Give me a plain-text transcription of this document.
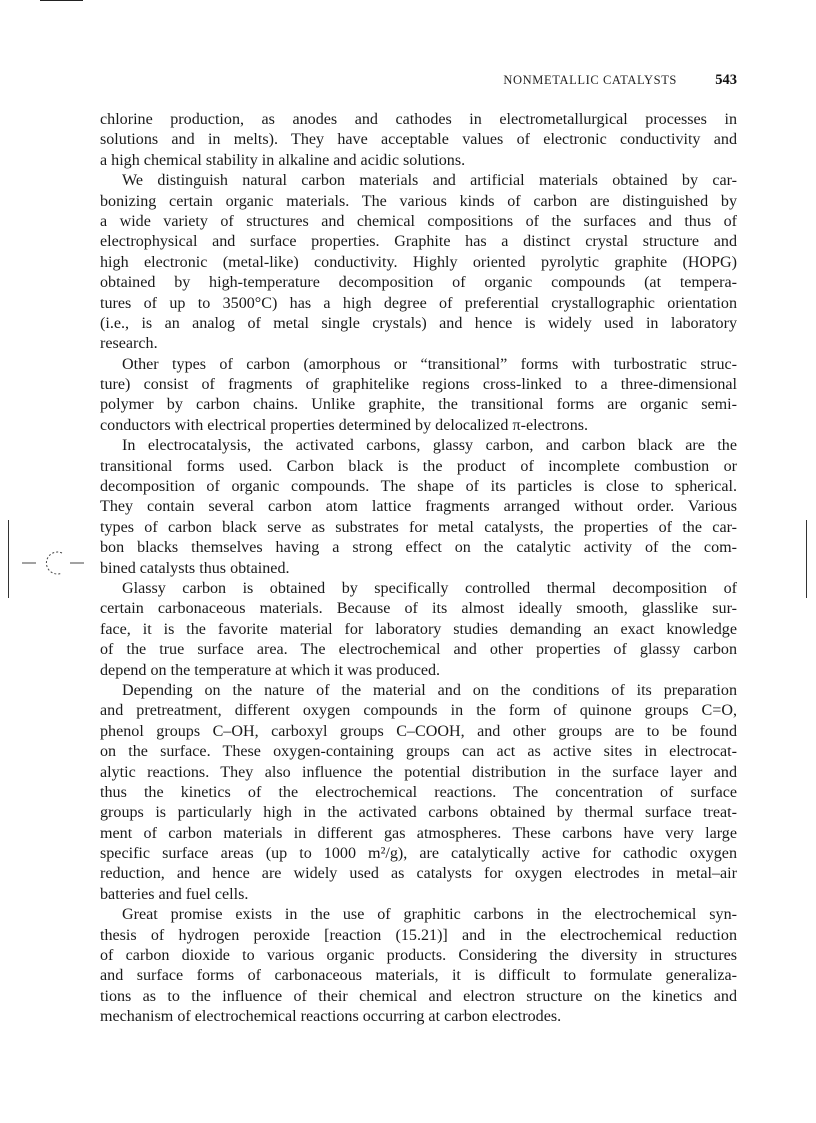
NONMETALLIC CATALYSTS	543
chlorine production, as anodes and cathodes in electrometallurgical processes in
solutions and in melts). They have acceptable values of electronic conductivity and
a high chemical stability in alkaline and acidic solutions.
We distinguish natural carbon materials and artificial materials obtained by car-
bonizing certain organic materials. The various kinds of carbon are distinguished by
a wide variety of structures and chemical compositions of the surfaces and thus of
electrophysical and surface properties. Graphite has a distinct crystal structure and
high electronic (metal-like) conductivity. Highly oriented pyrolytic graphite (HOPG)
obtained by high-temperature decomposition of organic compounds (at tempera-
tures of up to 3500°C) has a high degree of preferential crystallographic orientation
(i.e., is an analog of metal single crystals) and hence is widely used in laboratory
research.
Other types of carbon (amorphous or “transitional” forms with turbostratic struc-
ture) consist of fragments of graphitelike regions cross-linked to a three-dimensional
polymer by carbon chains. Unlike graphite, the transitional forms are organic semi-
conductors with electrical properties determined by delocalized π-electrons.
In electrocatalysis, the activated carbons, glassy carbon, and carbon black are the
transitional forms used. Carbon black is the product of incomplete combustion or
decomposition of organic compounds. The shape of its particles is close to spherical.
They contain several carbon atom lattice fragments arranged without order. Various
types of carbon black serve as substrates for metal catalysts, the properties of the car-
bon blacks themselves having a strong effect on the catalytic activity of the com-
bined catalysts thus obtained.
Glassy carbon is obtained by specifically controlled thermal decomposition of
certain carbonaceous materials. Because of its almost ideally smooth, glasslike sur-
face, it is the favorite material for laboratory studies demanding an exact knowledge
of the true surface area. The electrochemical and other properties of glassy carbon
depend on the temperature at which it was produced.
Depending on the nature of the material and on the conditions of its preparation
and pretreatment, different oxygen compounds in the form of quinone groups C=O,
phenol groups C–OH, carboxyl groups C–COOH, and other groups are to be found
on the surface. These oxygen-containing groups can act as active sites in electrocat-
alytic reactions. They also influence the potential distribution in the surface layer and
thus the kinetics of the electrochemical reactions. The concentration of surface
groups is particularly high in the activated carbons obtained by thermal surface treat-
ment of carbon materials in different gas atmospheres. These carbons have very large
specific surface areas (up to 1000 m²/g), are catalytically active for cathodic oxygen
reduction, and hence are widely used as catalysts for oxygen electrodes in metal–air
batteries and fuel cells.
Great promise exists in the use of graphitic carbons in the electrochemical syn-
thesis of hydrogen peroxide [reaction (15.21)] and in the electrochemical reduction
of carbon dioxide to various organic products. Considering the diversity in structures
and surface forms of carbonaceous materials, it is difficult to formulate generaliza-
tions as to the influence of their chemical and electron structure on the kinetics and
mechanism of electrochemical reactions occurring at carbon electrodes.
